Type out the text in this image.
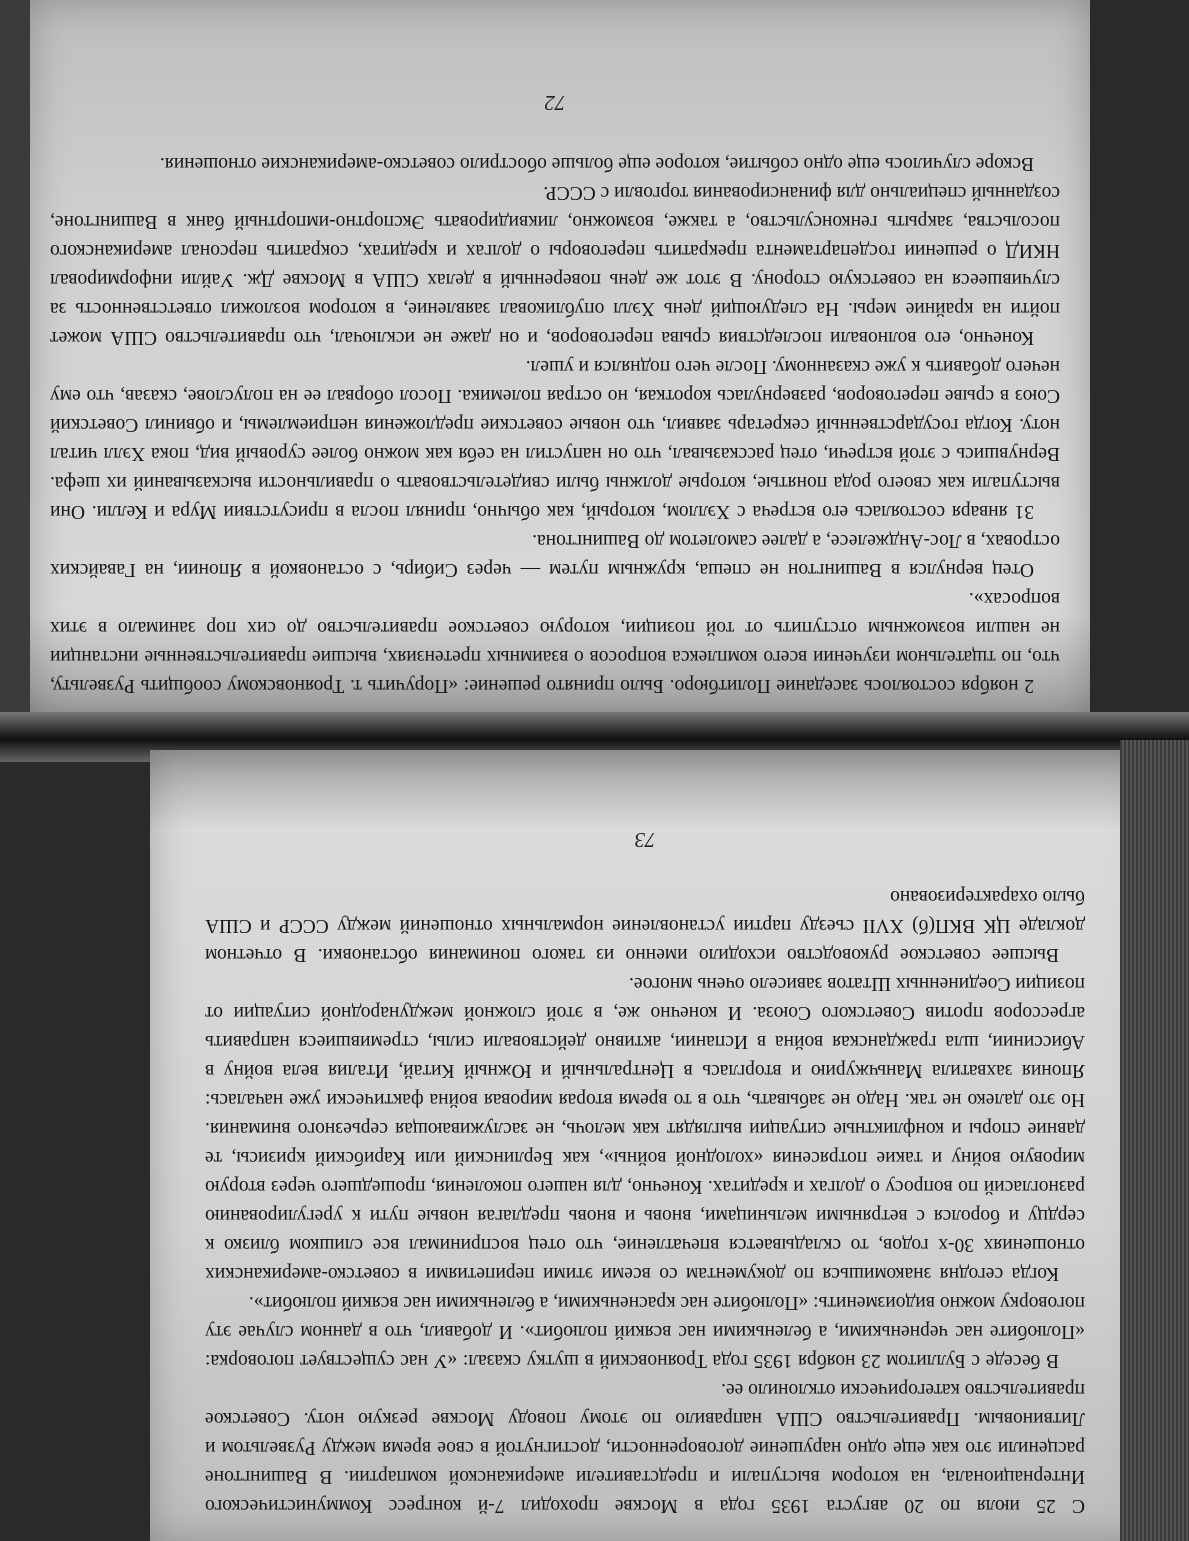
2 ноября состоялось заседание Политбюро. Было принято решение: «Поручить т. Трояновскому сообщить Рузвельту, что, по тщательном изучении всего комплекса вопросов о взаимных претензиях, высшие правительственные инстанции не нашли возможным отступить от той позиции, которую советское правительство до сих пор занимало в этих вопросах».

Отец вернулся в Вашингтон не спеша, кружным путем — через Сибирь, с остановкой в Японии, на Гавайских островах, в Лос-Анджелесе, а далее самолетом до Вашингтона.

31 января состоялась его встреча с Хэллом, который, как обычно, принял посла в присутствии Мура и Келли. Они выступали как своего рода понятые, которые должны были свидетельствовать о правильности высказываний их шефа. Вернувшись с этой встречи, отец рассказывал, что он напустил на себя как можно более суровый вид, пока Хэлл читал ноту. Когда государственный секретарь заявил, что новые советские предложения неприемлемы, и обвинил Советский Союз в срыве переговоров, развернулась короткая, но острая полемика. Посол оборвал ее на полуслове, сказав, что ему нечего добавить к уже сказанному. После чего поднялся и ушел.

Конечно, его волновали последствия срыва переговоров, и он даже не исключал, что правительство США может пойти на крайние меры. На следующий день Хэлл опубликовал заявление, в котором возложил ответственность за случившееся на советскую сторону. В этот же день поверенный в делах США в Москве Дж. Уайли информировал НКИД о решении госдепартамента прекратить переговоры о долгах и кредитах, сократить персонал американского посольства, закрыть генконсульство, а также, возможно, ликвидировать Экспортно-импортный банк в Вашингтоне, созданный специально для финансирования торговли с СССР.

Вскоре случилось еще одно событие, которое еще больше обострило советско-американские отношения.

72

С 25 июля по 20 августа 1935 года в Москве проходил 7-й конгресс Коммунистического Интернационала, на котором выступали и представители американской компартии. В Вашингтоне расценили это как еще одно нарушение договоренности, достигнутой в свое время между Рузвельтом и Литвиновым. Правительство США направило по этому поводу Москве резкую ноту. Советское правительство категорически отклонило ее.

В беседе с Буллитом 23 ноября 1935 года Трояновский в шутку сказал: «У нас существует поговорка: «Полюбите нас черненькими, а беленькими нас всякий полюбит». И добавил, что в данном случае эту поговорку можно видоизменить: «Полюбите нас красненькими, а беленькими нас всякий полюбит».

Когда сегодня знакомишься по документам со всеми этими перипетиями в советско-американских отношениях 30-х годов, то складывается впечатление, что отец воспринимал все слишком близко к сердцу и боролся с ветряными мельницами, вновь и вновь предлагая новые пути к урегулированию разногласий по вопросу о долгах и кредитах. Конечно, для нашего поколения, прошедшего через вторую мировую войну и такие потрясения «холодной войны», как Берлинский или Карибский кризисы, те давние споры и конфликтные ситуации выглядят как мелочь, не заслуживающая серьезного внимания. Но это далеко не так. Надо не забывать, что в то время вторая мировая война фактически уже началась: Япония захватила Маньчжурию и вторглась в Центральный и Южный Китай, Италия вела войну в Абиссинии, шла гражданская война в Испании, активно действовали силы, стремившиеся направить агрессоров против Советского Союза. И конечно же, в этой сложной международной ситуации от позиции Соединенных Штатов зависело очень многое.

Высшее советское руководство исходило именно из такого понимания обстановки. В отчетном докладе ЦК ВКП(б) XVII съезду партии установление нормальных отношений между СССР и США было охарактеризовано

73
